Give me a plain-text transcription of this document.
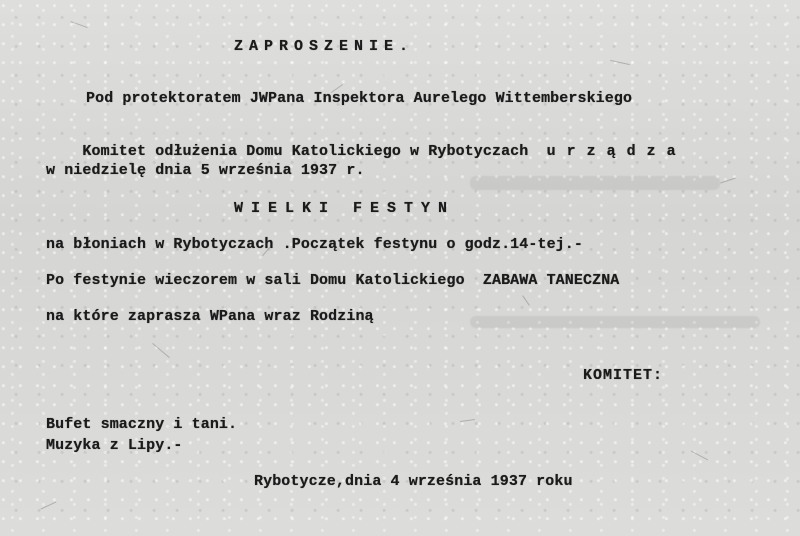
ZAPROSZENIE.
Pod protektoratem JWPana Inspektora Aurelego Wittemberskiego

Komitet odłużenia Domu Katolickiego w Rybotyczach urządza

w niedzielę dnia 5 września 1937 r.
WIELKI FESTYN
na błoniach w Rybotyczach .Początek festynu o godz.14-tej.-
Po festynie wieczorem w sali Domu Katolickiego  ZABAWA TANECZNA
na które zaprasza WPana wraz Rodziną
KOMITET:
Bufet smaczny i tani.
Muzyka z Lipy.-
Rybotycze,dnia 4 września 1937 roku
